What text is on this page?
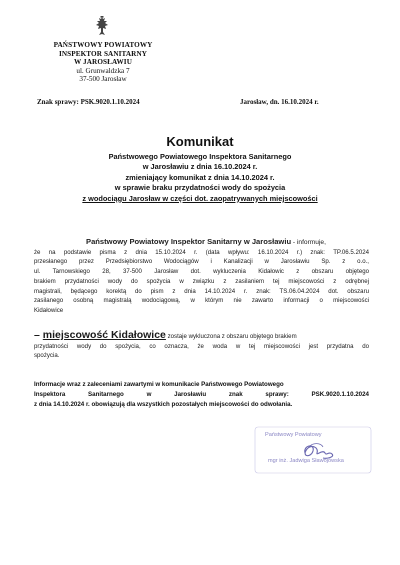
PAŃSTWOWY POWIATOWY
INSPEKTOR SANITARNY
W JAROSŁAWIU
ul. Grunwaldzka 7
37-500 Jarosław
Znak sprawy: PSK.9020.1.10.2024	Jarosław, dn. 16.10.2024 r.
Komunikat
Państwowego Powiatowego Inspektora Sanitarnego
w Jarosławiu z dnia 16.10.2024 r.
zmieniający komunikat z dnia 14.10.2024 r.
w sprawie braku przydatności wody do spożycia
z wodociągu Jarosław w części dot. zaopatrywanych miejscowości
Państwowy Powiatowy Inspektor Sanitarny w Jarosławiu - informuje,
że na podstawie pisma z dnia 15.10.2024 r. (data wpływu: 16.10.2024 r.) znak: TP.06.5.2024
przesłanego przez Przedsiębiorstwo Wodociągów i Kanalizacji w Jarosławiu Sp. z o.o.,
ul. Tarnowskiego 28, 37-500 Jarosław dot. wykluczenia Kidałowic z obszaru objętego
brakiem przydatności wody do spożycia w związku z zasilaniem tej miejscowości z odrębnej
magistrali, będącego korektą do pism z dnia 14.10.2024 r. znak: TS.06.04.2024 dot. obszaru
zasilanego osobną magistralą wodociągową, w którym nie zawarto informacji o miejscowości
Kidałowice
– miejscowość Kidałowice zostaje wykluczona z obszaru objętego brakiem
przydatności wody do spożycia, co oznacza, że woda w tej miejscowości jest przydatna do
spożycia.
Informacje wraz z zaleceniami zawartymi w komunikacie Państwowego Powiatowego
Inspektora Sanitarnego w Jarosławiu znak sprawy: PSK.9020.1.10.2024
z dnia 14.10.2024 r. obowiązują dla wszystkich pozostałych miejscowości do odwołania.
Państwowy Powiatowy
mgr inż. Jadwiga Sławojówska
